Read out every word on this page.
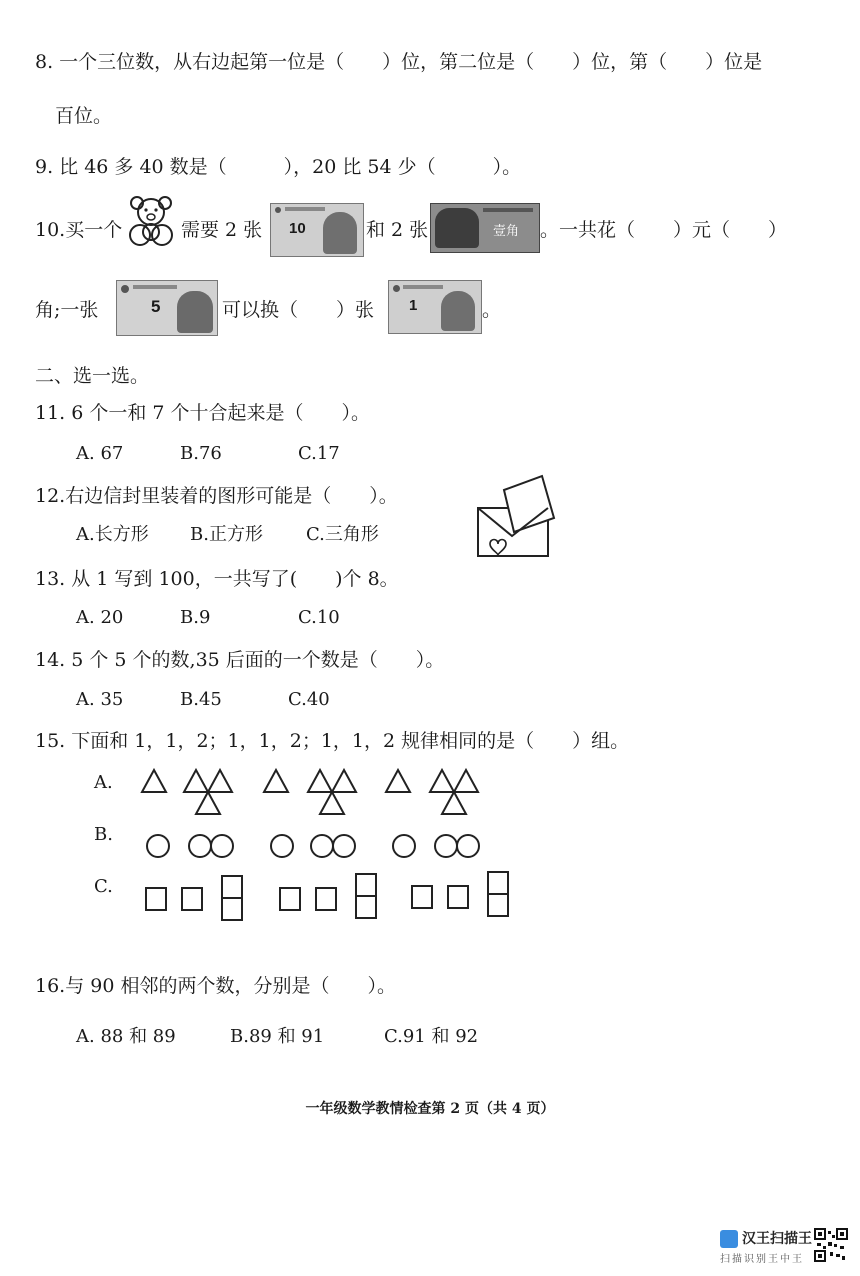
8. 一个三位数，从右边起第一位是（　　）位，第二位是（　　）位，第（　　）位是
百位。
9. 比 46 多 40 数是（　　　），20 比 54 少（　　　）。
10.买一个	需要 2 张 10	和 2 张	壹角 。一共花（　　）元（　　）
角;一张	5	可以换（　　）张 1	。
二、选一选。
11. 6 个一和 7 个十合起来是（　　）。
A. 67	B.76	C.17
12.右边信封里装着的图形可能是（　　）。
A.长方形 B.正方形 C.三角形
13. 从 1 写到 100，一共写了(　　)个 8。
A. 20	B.9	C.10
14. 5 个 5 个的数,35 后面的一个数是（　　）。
A. 35	B.45	C.40
15. 下面和 1，1，2；1，1，2；1，1，2 规律相同的是（　　）组。
A.
B.
C.
16.与 90 相邻的两个数，分别是（　　）。
A. 88 和 89	B.89 和 91	C.91 和 92
一年级数学教情检查第 2 页（共 4 页）
汉王扫描王
扫描识别王中王
